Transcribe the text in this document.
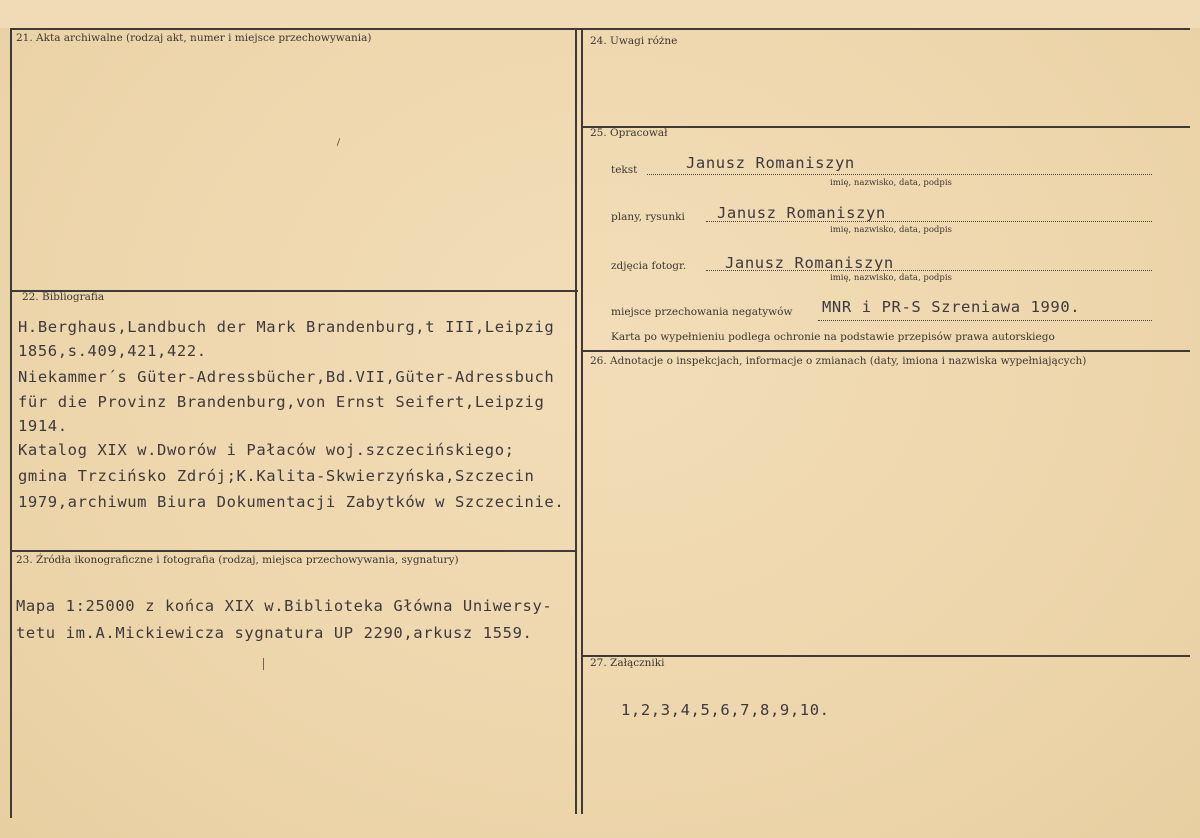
21. Akta archiwalne (rodzaj akt, numer i miejsce przechowywania)
22. Bibliografia
H.Berghaus,Landbuch der Mark Brandenburg,t III,Leipzig
1856,s.409,421,422.
Niekammer´s Güter-Adressbücher,Bd.VII,Güter-Adressbuch
für die Provinz Brandenburg,von Ernst Seifert,Leipzig
1914.
Katalog XIX w.Dworów i Pałaców woj.szczecińskiego;
gmina Trzcińsko Zdrój;K.Kalita-Skwierzyńska,Szczecin
1979,archiwum Biura Dokumentacji Zabytków w Szczecinie.
23. Źródła ikonograficzne i fotografia (rodzaj, miejsca przechowywania, sygnatury)
Mapa 1:25000 z końca XIX w.Biblioteka Główna Uniwersy-
tetu im.A.Mickiewicza sygnatura UP 2290,arkusz 1559.
24. Uwagi różne
25. Opracował
tekst	Janusz Romaniszyn
imię, nazwisko, data, podpis
plany, rysunki Janusz Romaniszyn
imię, nazwisko, data, podpis
zdjęcia fotogr.	Janusz Romaniszyn
imię, nazwisko, data, podpis
miejsce przechowania negatywów MNR i PR-S Szreniawa 1990.
Karta po wypełnieniu podlega ochronie na podstawie przepisów prawa autorskiego
26. Adnotacje o inspekcjach, informacje o zmianach (daty, imiona i nazwiska wypełniających)
27. Załączniki
1,2,3,4,5,6,7,8,9,10.
